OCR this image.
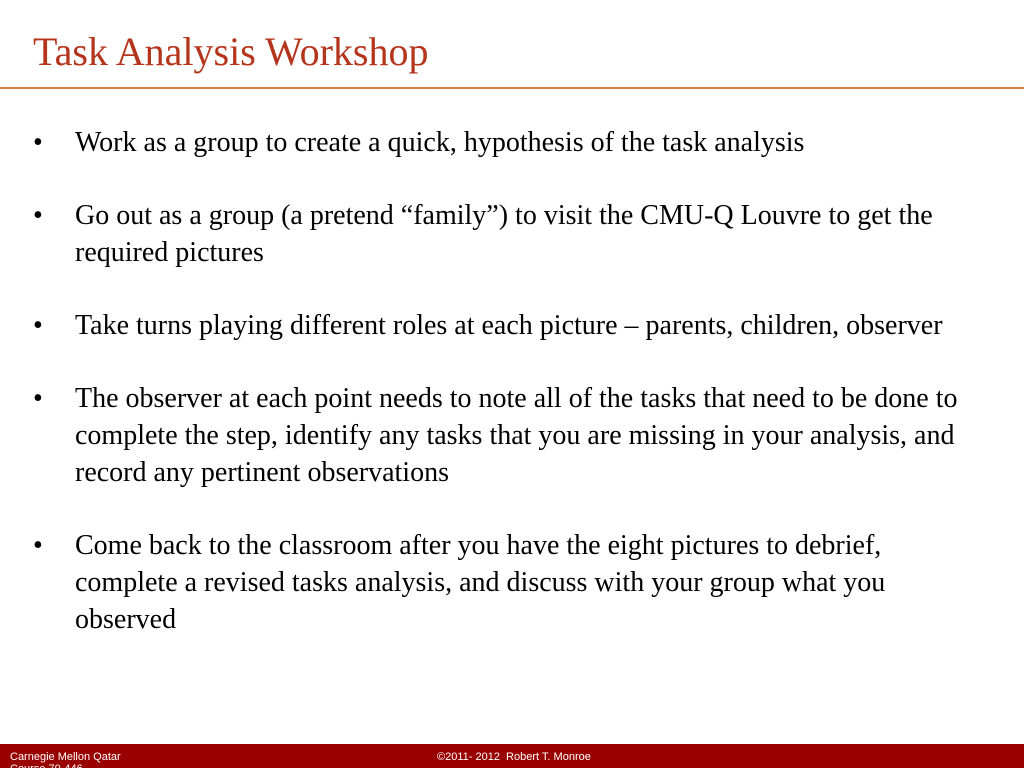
Task Analysis Workshop
• Work as a group to create a quick, hypothesis of the task analysis
• Go out as a group (a pretend “family”) to visit the CMU-Q Louvre to get the required pictures
• Take turns playing different roles at each picture – parents, children, observer
• The observer at each point needs to note all of the tasks that need to be done to complete the step, identify any tasks that you are missing in your analysis, and record any pertinent observations
• Come back to the classroom after you have the eight pictures to debrief, complete a revised tasks analysis, and discuss with your group what you observed
Carnegie Mellon Qatar
Course 70-446
©2011- 2012  Robert T. Monroe
